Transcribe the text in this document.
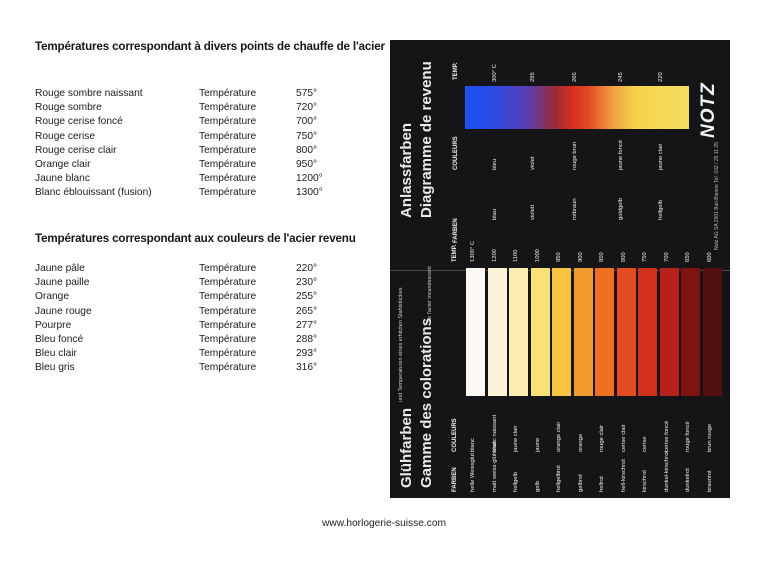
Températures correspondant à divers points de chauffe de l'acier
Rouge sombre naissant	Température	575°
Rouge sombre	Température	720°
Rouge cerise foncé	Température	700°
Rouge cerise	Température	750°
Rouge cerise clair	Température	800°
Orange clair	Température	950°
Jaune blanc	Température	1200°
Blanc éblouissant (fusion)	Température	1300°
Températures correspondant aux couleurs de l'acier revenu
Jaune pâle	Température	220°
Jaune paille	Température	230°
Orange	Température	255°
Jaune rouge	Température	265°
Pourpre	Température	277°
Bleu foncé	Température	288°
Bleu clair	Température	293°
Bleu gris	Température	316°
www.horlogerie-suisse.com
Anlassfarben Diagramme de revenu	TEMP.
COULEURS
FARBEN
300° C
bleu
blau
285
violet
violett
265
rouge brun
rotbraun
245
jaune foncé
goldgelb
220
jaune clair
hellgelb
NOTZ
Notz AG SA 2501 Biel-Bienne Tel. 032 / 25 11 25
Glühfarben
und Temperaturen eines erhitzten Stahlstückes Gamme des colorations
de l'acier incandescent
TEMP.
COULEURS
FARBEN
1300° C
blanc
helle Weissglut
1200
blanc naissant
matt weiss-glühend
1100
jaune clair
hellgelb
1000
jaune
gelb
950
orange clair
hellgelbrot
900
orange
gelbrot
850
rouge clair
hellrot
800
cerise clair
hell-kirschrot
750
cerise
kirschrot
700
cerise foncé
dunkel-kirschrot
650
rouge foncé
dunkelrot
600
brun rouge
braunrot
